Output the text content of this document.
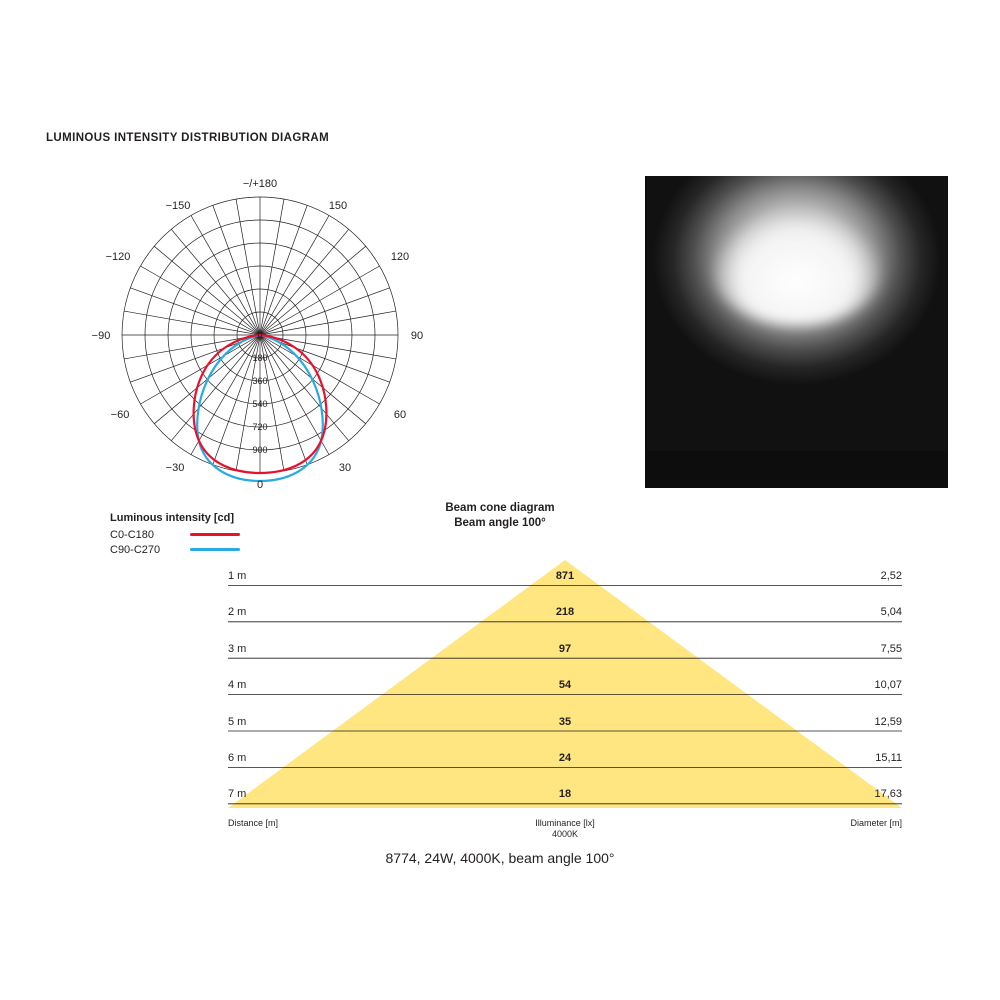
LUMINOUS INTENSITY DISTRIBUTION DIAGRAM
0
180
360
540
720
900
−/+180
150
120
90
60
30
0
−30
−60
−90
−120
−150
Luminous intensity [cd]
C0-C180
C90-C270
Beam cone diagram
Beam angle 100°
1 m	871	2,52
2 m	218	5,04
3 m	97	7,55
4 m	54	10,07
5 m	35	12,59
6 m	24	15,11
7 m	18	17,63
Distance [m]	Illuminance [lx]
4000K
Diameter [m]
8774, 24W, 4000K, beam angle 100°
